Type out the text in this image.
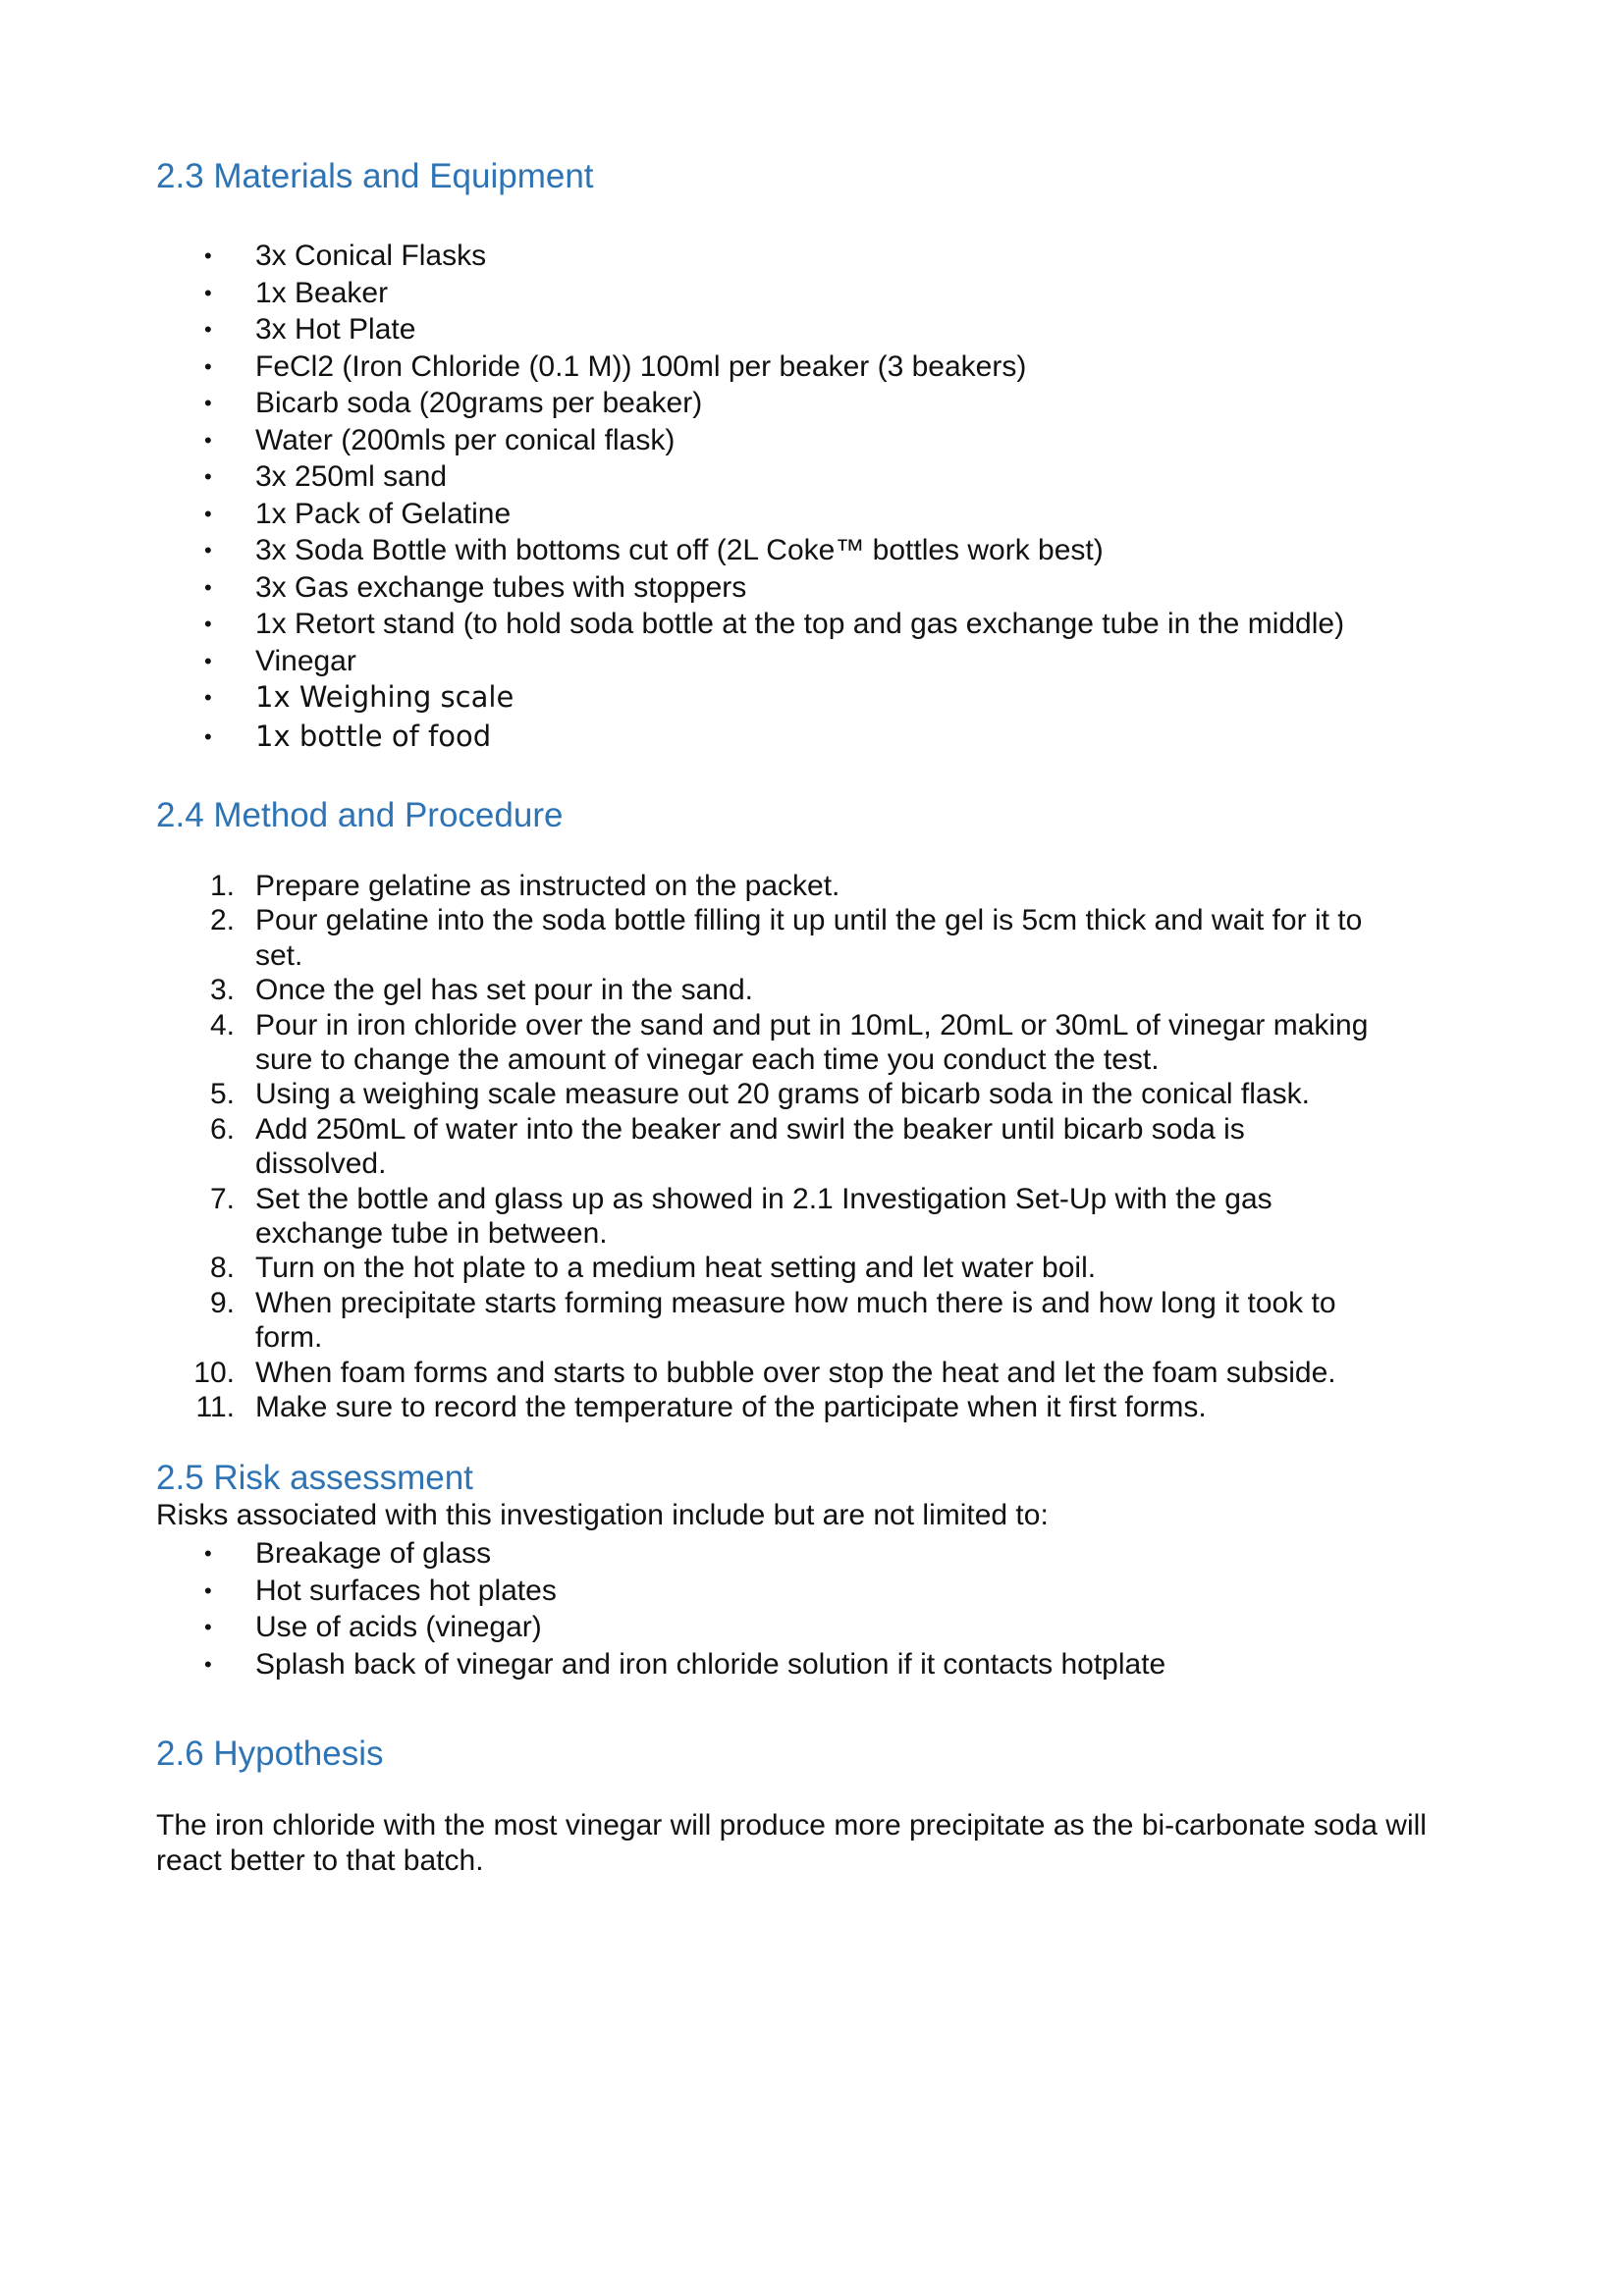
2.3 Materials and Equipment
• 3x Conical Flasks
• 1x Beaker
• 3x Hot Plate
• FeCl2 (Iron Chloride (0.1 M)) 100ml per beaker (3 beakers)
• Bicarb soda (20grams per beaker)
• Water (200mls per conical flask)
• 3x 250ml sand
• 1x Pack of Gelatine
• 3x Soda Bottle with bottoms cut off (2L Coke™ bottles work best)
• 3x Gas exchange tubes with stoppers
• 1x Retort stand (to hold soda bottle at the top and gas exchange tube in the middle)
• Vinegar
• 1x Weighing scale
• 1x bottle of food
2.4 Method and Procedure
1. Prepare gelatine as instructed on the packet.
2. Pour gelatine into the soda bottle filling it up until the gel is 5cm thick and wait for it to set.
3. Once the gel has set pour in the sand.
4. Pour in iron chloride over the sand and put in 10mL, 20mL or 30mL of vinegar making sure to change the amount of vinegar each time you conduct the test.
5. Using a weighing scale measure out 20 grams of bicarb soda in the conical flask.
6. Add 250mL of water into the beaker and swirl the beaker until bicarb soda is dissolved.
7. Set the bottle and glass up as showed in 2.1 Investigation Set-Up with the gas exchange tube in between.
8. Turn on the hot plate to a medium heat setting and let water boil.
9. When precipitate starts forming measure how much there is and how long it took to form.
10. When foam forms and starts to bubble over stop the heat and let the foam subside.
11. Make sure to record the temperature of the participate when it first forms.
2.5 Risk assessment

Risks associated with this investigation include but are not limited to:

• Breakage of glass
• Hot surfaces hot plates
• Use of acids (vinegar)
• Splash back of vinegar and iron chloride solution if it contacts hotplate
2.6 Hypothesis

The iron chloride with the most vinegar will produce more precipitate as the bi-carbonate soda will react better to that batch.
